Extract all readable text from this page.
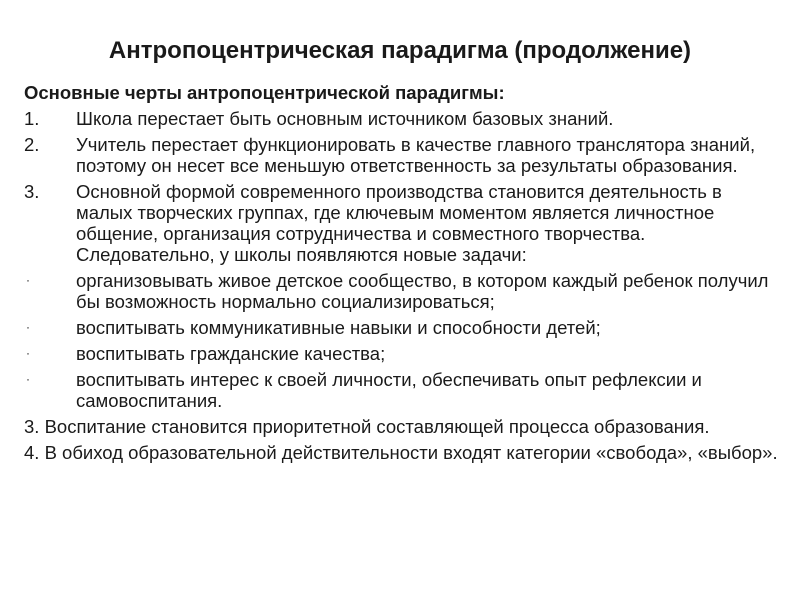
Антропоцентрическая парадигма (продолжение)
Основные черты антропоцентрической парадигмы:
1. Школа перестает быть основным источником базовых знаний.
2. Учитель перестает функционировать в качестве главного транслятора знаний, поэтому он несет все меньшую ответственность за результаты образования.
3. Основной формой современного производства становится деятельность в малых творческих группах, где ключевым моментом является личностное общение, организация сотрудничества и совместного творчества. Следовательно, у школы появляются новые задачи:
· организовывать живое детское сообщество, в котором каждый ребенок получил бы возможность нормально социализироваться;
· воспитывать коммуникативные навыки и способности детей;
· воспитывать гражданские качества;
· воспитывать интерес к своей личности, обеспечивать опыт рефлексии и самовоспитания.
3. Воспитание становится приоритетной составляющей процесса образования.
4. В обиход образовательной действительности входят категории «свобода», «выбор».
